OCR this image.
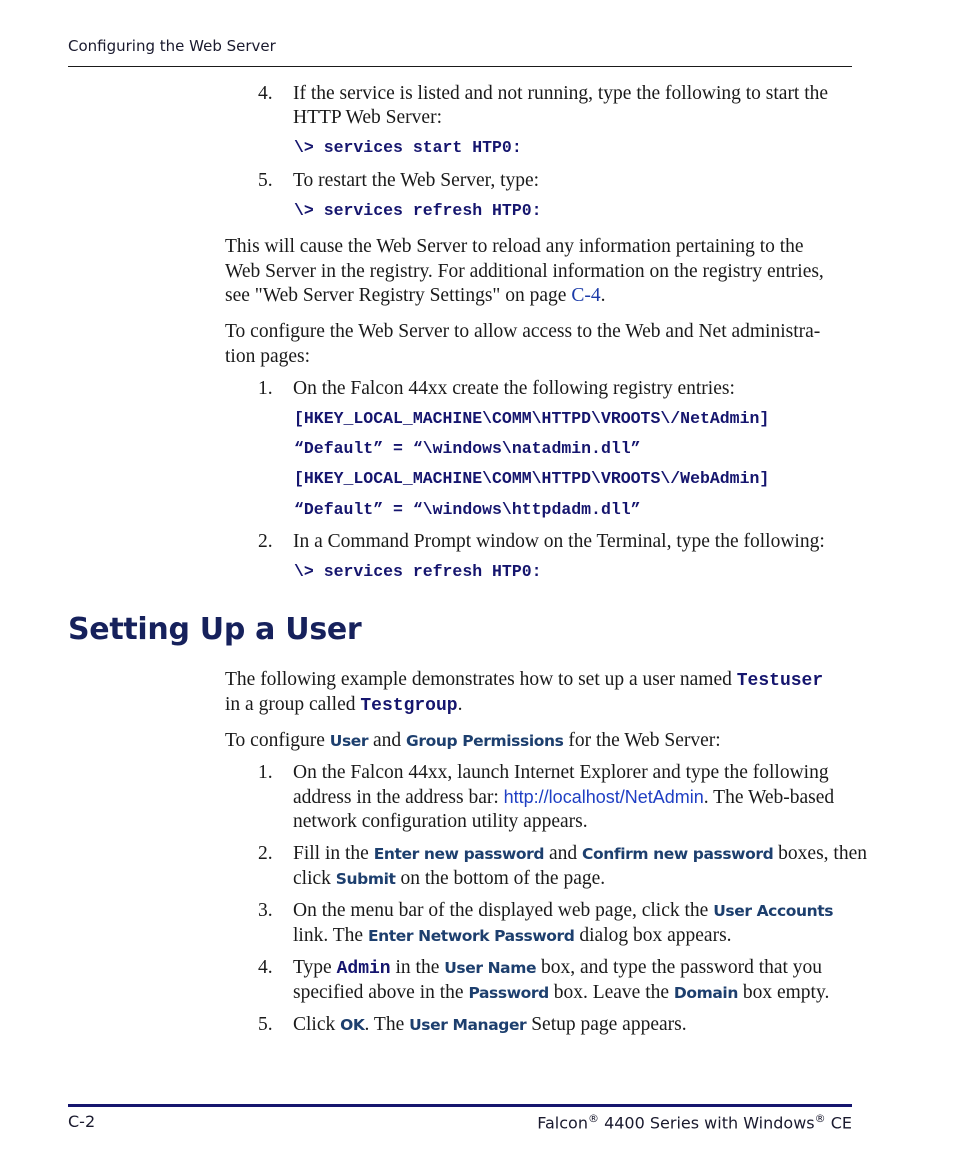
Configuring the Web Server
4.	If the service is listed and not running, type the following to start the
HTTP Web Server:
\> services start HTP0:
5.	To restart the Web Server, type:
\> services refresh HTP0:
This will cause the Web Server to reload any information pertaining to the
Web Server in the registry. For additional information on the registry entries,
see "Web Server Registry Settings" on page C-4.
To configure the Web Server to allow access to the Web and Net administra-
tion pages:
1.	On the Falcon 44xx create the following registry entries:
[HKEY_LOCAL_MACHINE\COMM\HTTPD\VROOTS\/NetAdmin]
“Default” = “\windows\natadmin.dll”
[HKEY_LOCAL_MACHINE\COMM\HTTPD\VROOTS\/WebAdmin]
“Default” = “\windows\httpdadm.dll”
2.	In a Command Prompt window on the Terminal, type the following:
\> services refresh HTP0:
Setting Up a User
The following example demonstrates how to set up a user named Testuser
in a group called Testgroup.
To configure User and Group Permissions for the Web Server:
1.	On the Falcon 44xx, launch Internet Explorer and type the following
address in the address bar: http://localhost/NetAdmin. The Web-based
network configuration utility appears.
2.	Fill in the Enter new password and Confirm new password boxes, then
click Submit on the bottom of the page.
3.	On the menu bar of the displayed web page, click the User Accounts
link. The Enter Network Password dialog box appears.
4.	Type Admin in the User Name box, and type the password that you
specified above in the Password box. Leave the Domain box empty.
5.	Click OK. The User Manager Setup page appears.
C-2	Falcon® 4400 Series with Windows® CE
